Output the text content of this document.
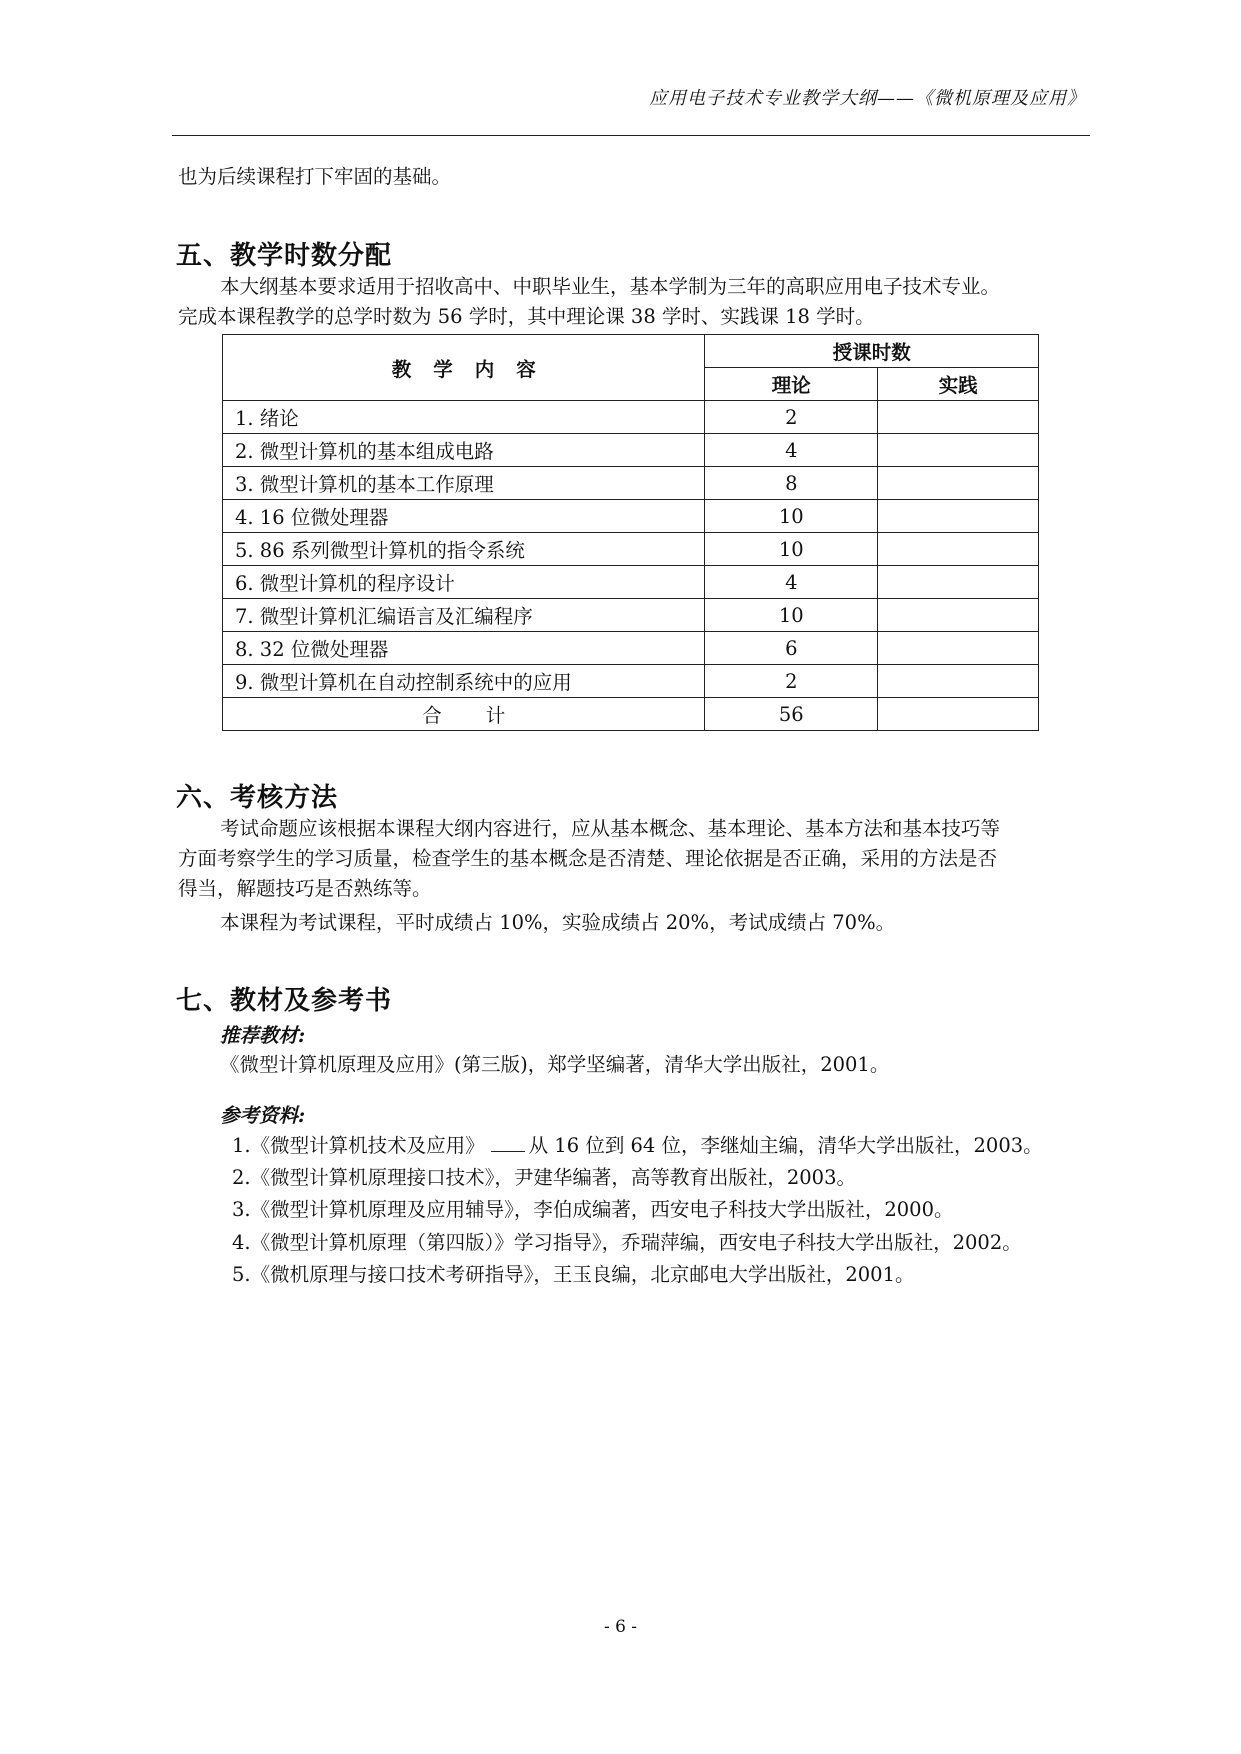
应用电子技术专业教学大纲——《微机原理及应用》
也为后续课程打下牢固的基础。
五、教学时数分配
本大纲基本要求适用于招收高中、中职毕业生，基本学制为三年的高职应用电子技术专业。
完成本课程教学的总学时数为 56 学时，其中理论课 38 学时、实践课 18 学时。
教学内容	授课时数	
	理论	实践
1. 绪论	2	
2. 微型计算机的基本组成电路	4	
3. 微型计算机的基本工作原理	8	
4. 16 位微处理器	10	
5. 86 系列微型计算机的指令系统	10	
6. 微型计算机的程序设计	4	
7. 微型计算机汇编语言及汇编程序	10	
8. 32 位微处理器	6	
9. 微型计算机在自动控制系统中的应用	2	
合计	56	
六、考核方法
考试命题应该根据本课程大纲内容进行，应从基本概念、基本理论、基本方法和基本技巧等
方面考察学生的学习质量，检查学生的基本概念是否清楚、理论依据是否正确，采用的方法是否
得当，解题技巧是否熟练等。
本课程为考试课程，平时成绩占 10%，实验成绩占 20%，考试成绩占 70%。
七、教材及参考书
推荐教材:
《微型计算机原理及应用》(第三版)，郑学坚编著，清华大学出版社，2001。
参考资料:
1.《微型计算机技术及应用》 从 16 位到 64 位，李继灿主编，清华大学出版社，2003。
2.《微型计算机原理接口技术》，尹建华编著，高等教育出版社，2003。
3.《微型计算机原理及应用辅导》，李伯成编著，西安电子科技大学出版社，2000。
4.《微型计算机原理（第四版）》学习指导》，乔瑞萍编，西安电子科技大学出版社，2002。
5.《微机原理与接口技术考研指导》，王玉良编，北京邮电大学出版社，2001。
- 6 -
